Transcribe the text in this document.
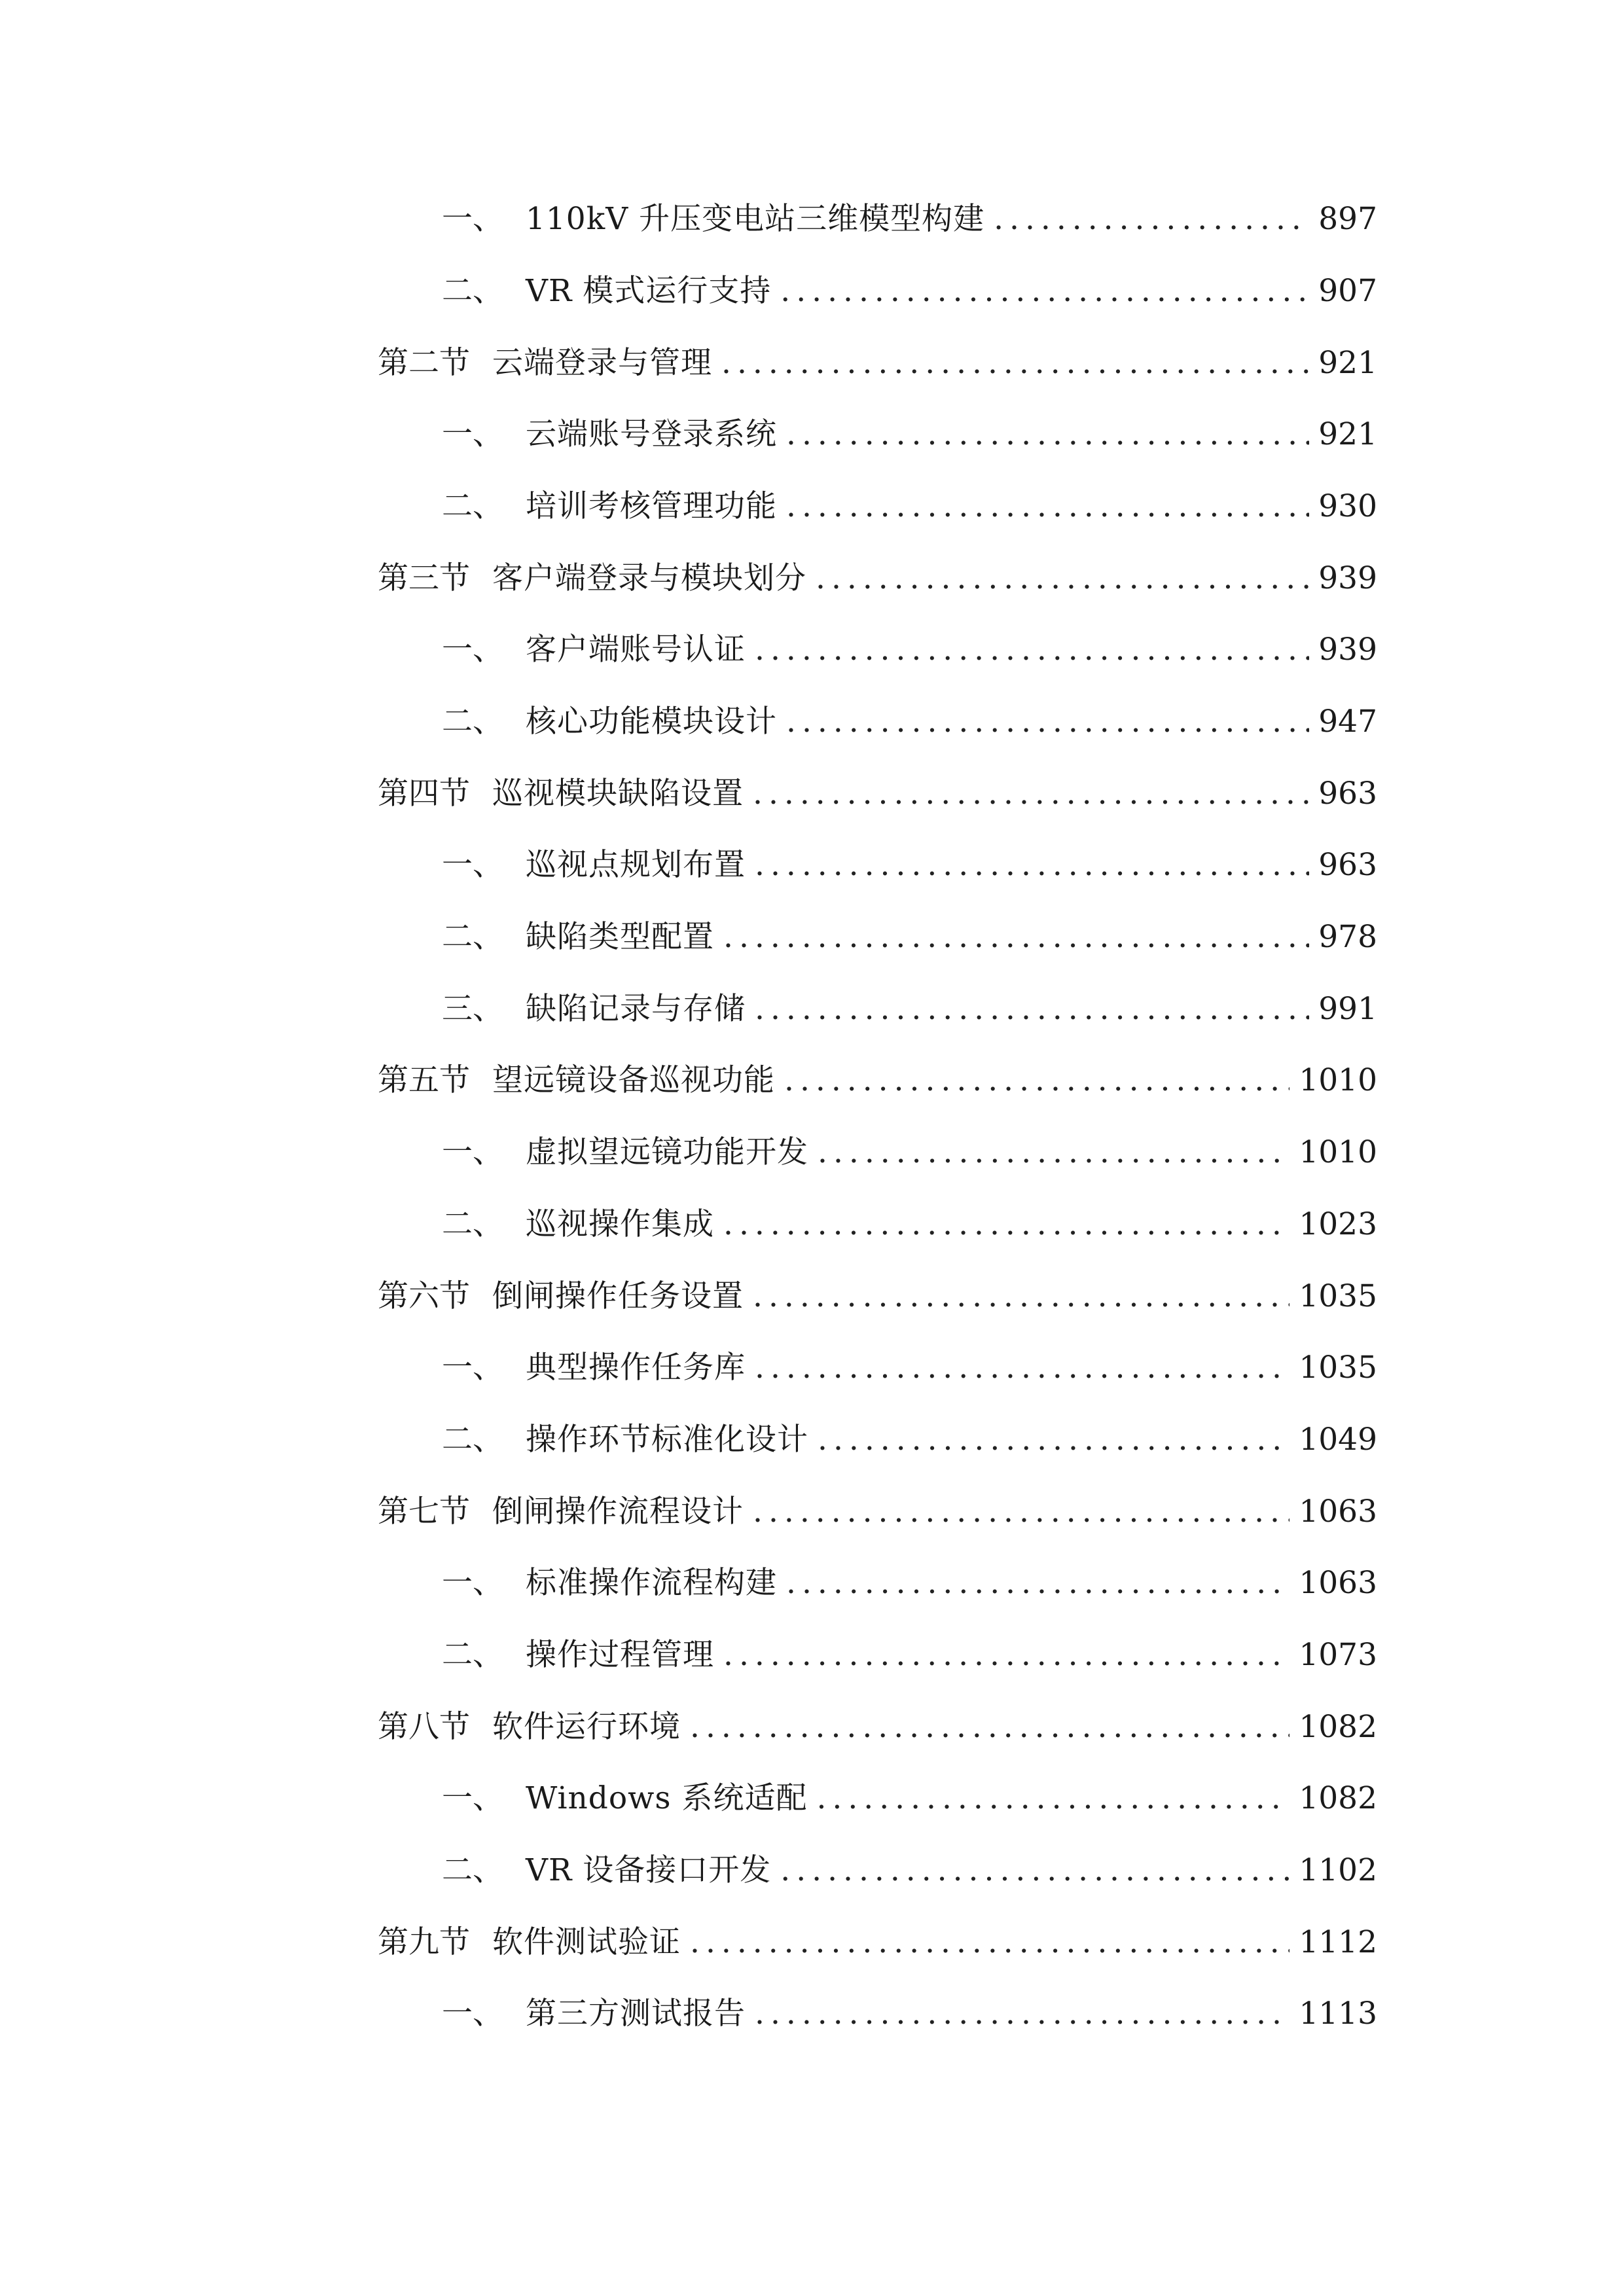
一、 110kV 升压变电站三维模型构建 .....	897
二、 VR 模式运行支持 .....	907
第二节 云端登录与管理 .....	921
一、 云端账号登录系统 .....	921
二、 培训考核管理功能 .....	930
第三节 客户端登录与模块划分 .....	939
一、 客户端账号认证 .....	939
二、 核心功能模块设计 .....	947
第四节 巡视模块缺陷设置 .....	963
一、 巡视点规划布置 .....	963
二、 缺陷类型配置 .....	978
三、 缺陷记录与存储 .....	991
第五节 望远镜设备巡视功能 .....	1010
一、 虚拟望远镜功能开发 .....	1010
二、 巡视操作集成 .....	1023
第六节 倒闸操作任务设置 .....	1035
一、 典型操作任务库 .....	1035
二、 操作环节标准化设计 .....	1049
第七节 倒闸操作流程设计 .....	1063
一、 标准操作流程构建 .....	1063
二、 操作过程管理 .....	1073
第八节 软件运行环境 .....	1082
一、 Windows 系统适配 .....	1082
二、 VR 设备接口开发 .....	1102
第九节 软件测试验证 .....	1112
一、 第三方测试报告 .....	1113
